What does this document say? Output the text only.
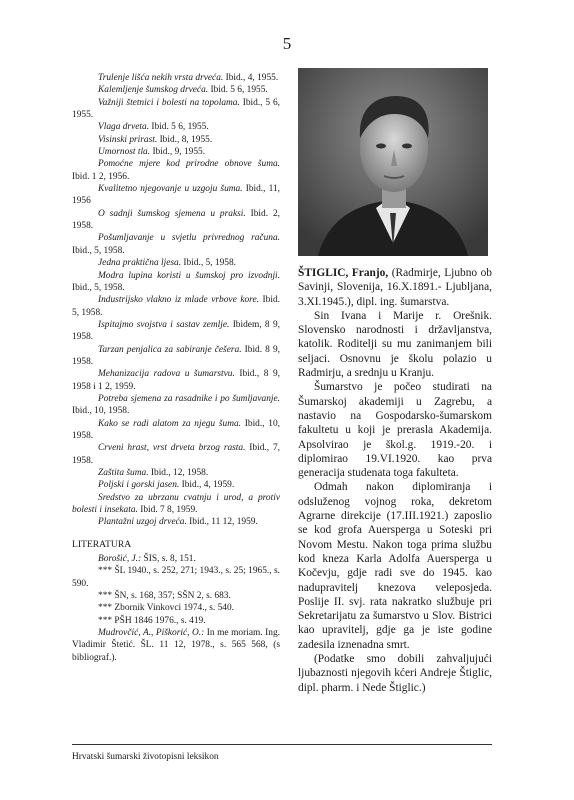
5

Trulenje lišća nekih vrsta drveća. Ibid., 4, 1955.

Kalemljenje šumskog drveća. Ibid. 5 6, 1955.

Važniji štetnici i bolesti na topolama. Ibid., 5 6, 1955.

Vlaga drveta. Ibid. 5 6, 1955.

Visinski prirast. Ibid., 8, 1955.

Umornost tla. Ibid., 9, 1955.

Pomoćne mjere kod prirodne obnove šuma. Ibid. 1 2, 1956.

Kvalitetno njegovanje u uzgoju šuma. Ibid., 11, 1956

O sadnji šumskog sjemena u praksi. Ibid. 2, 1958.

Pošumljavanje u svjetlu privrednog računa. Ibid., 5, 1958.

Jedna praktična ljesa. Ibid., 5, 1958.

Modra lupina koristi u šumskoj pro izvodnji. Ibid., 5, 1958.

Industrijsko vlakno iz mlade vrbove kore. Ibid. 5, 1958.

Ispitajmo svojstva i sastav zemlje. Ibidem, 8 9, 1958.

Tarzan penjalica za sabiranje češera. Ibid. 8 9, 1958.

Mehanizacija radova u šumarstvu. Ibid., 8 9, 1958 i 1 2, 1959.

Potreba sjemena za rasadnike i po šumljavanje. Ibid., 10, 1958.

Kako se radi alatom za njegu šuma. Ibid., 10, 1958.

Crveni hrast, vrst drveta brzog rasta. Ibid., 7, 1958.

Zaštita šuma. Ibid., 12, 1958.

Poljski i gorski jasen. Ibid., 4, 1959.

Sredstvo za ubrzanu cvatnju i urod, a protiv bolesti i insekata. Ibid. 7 8, 1959.

Plantažni uzgoj drveća. Ibid., 11 12, 1959.

LITERATURA

Borošić, J.: ŠIS, s. 8, 151.

*** ŠL 1940., s. 252, 271; 1943., s. 25; 1965., s. 590.

*** ŠN, s. 168, 357; SŠN 2, s. 683.

*** Zbornik Vinkovci 1974., s. 540.

*** PŠH 1846 1976., s. 419.

Mudrovčić, A., Piškorić, O.: In me moriam. Ing. Vladimir Štetić. ŠL. 11 12, 1978., s. 565 568, (s bibliograf.).

ŠTIGLIC, Franjo, (Radmirje, Ljubno ob Savinji, Slovenija, 16.X.1891.- Ljubljana, 3.XI.1945.), dipl. ing. šumarstva.

Sin Ivana i Marije r. Orešnik. Slovensko narodnosti i državljanstva, katolik. Roditelji su mu zanimanjem bili seljaci. Osnovnu je školu polazio u Radmirju, a srednju u Kranju.

Šumarstvo je počeo studirati na Šumarskoj akademiji u Zagrebu, a nastavio na Gospodarsko-šumarskom fakultetu u koji je prerasla Akademija. Apsolvirao je škol.g. 1919.-20. i diplomirao 19.VI.1920. kao prva generacija studenata toga fakulteta.

Odmah nakon diplomiranja i odsluženog vojnog roka, dekretom Agrarne direkcije (17.III.1921.) zaposlio se kod grofa Auersperga u Soteski pri Novom Mestu. Nakon toga prima službu kod kneza Karla Adolfa Auersperga u Kočevju, gdje radi sve do 1945. kao nadupravitelj knezova veleposjeda. Poslije II. svj. rata nakratko službuje pri Sekretarijatu za šumarstvo u Slov. Bistrici kao upravitelj, gdje ga je iste godine zadesila iznenadna smrt.

(Podatke smo dobili zahvaljujući ljubaznosti njegovih kćeri Andreje Štiglic, dipl. pharm. i Nede Štiglic.)

Hrvatski šumarski životopisni leksikon
